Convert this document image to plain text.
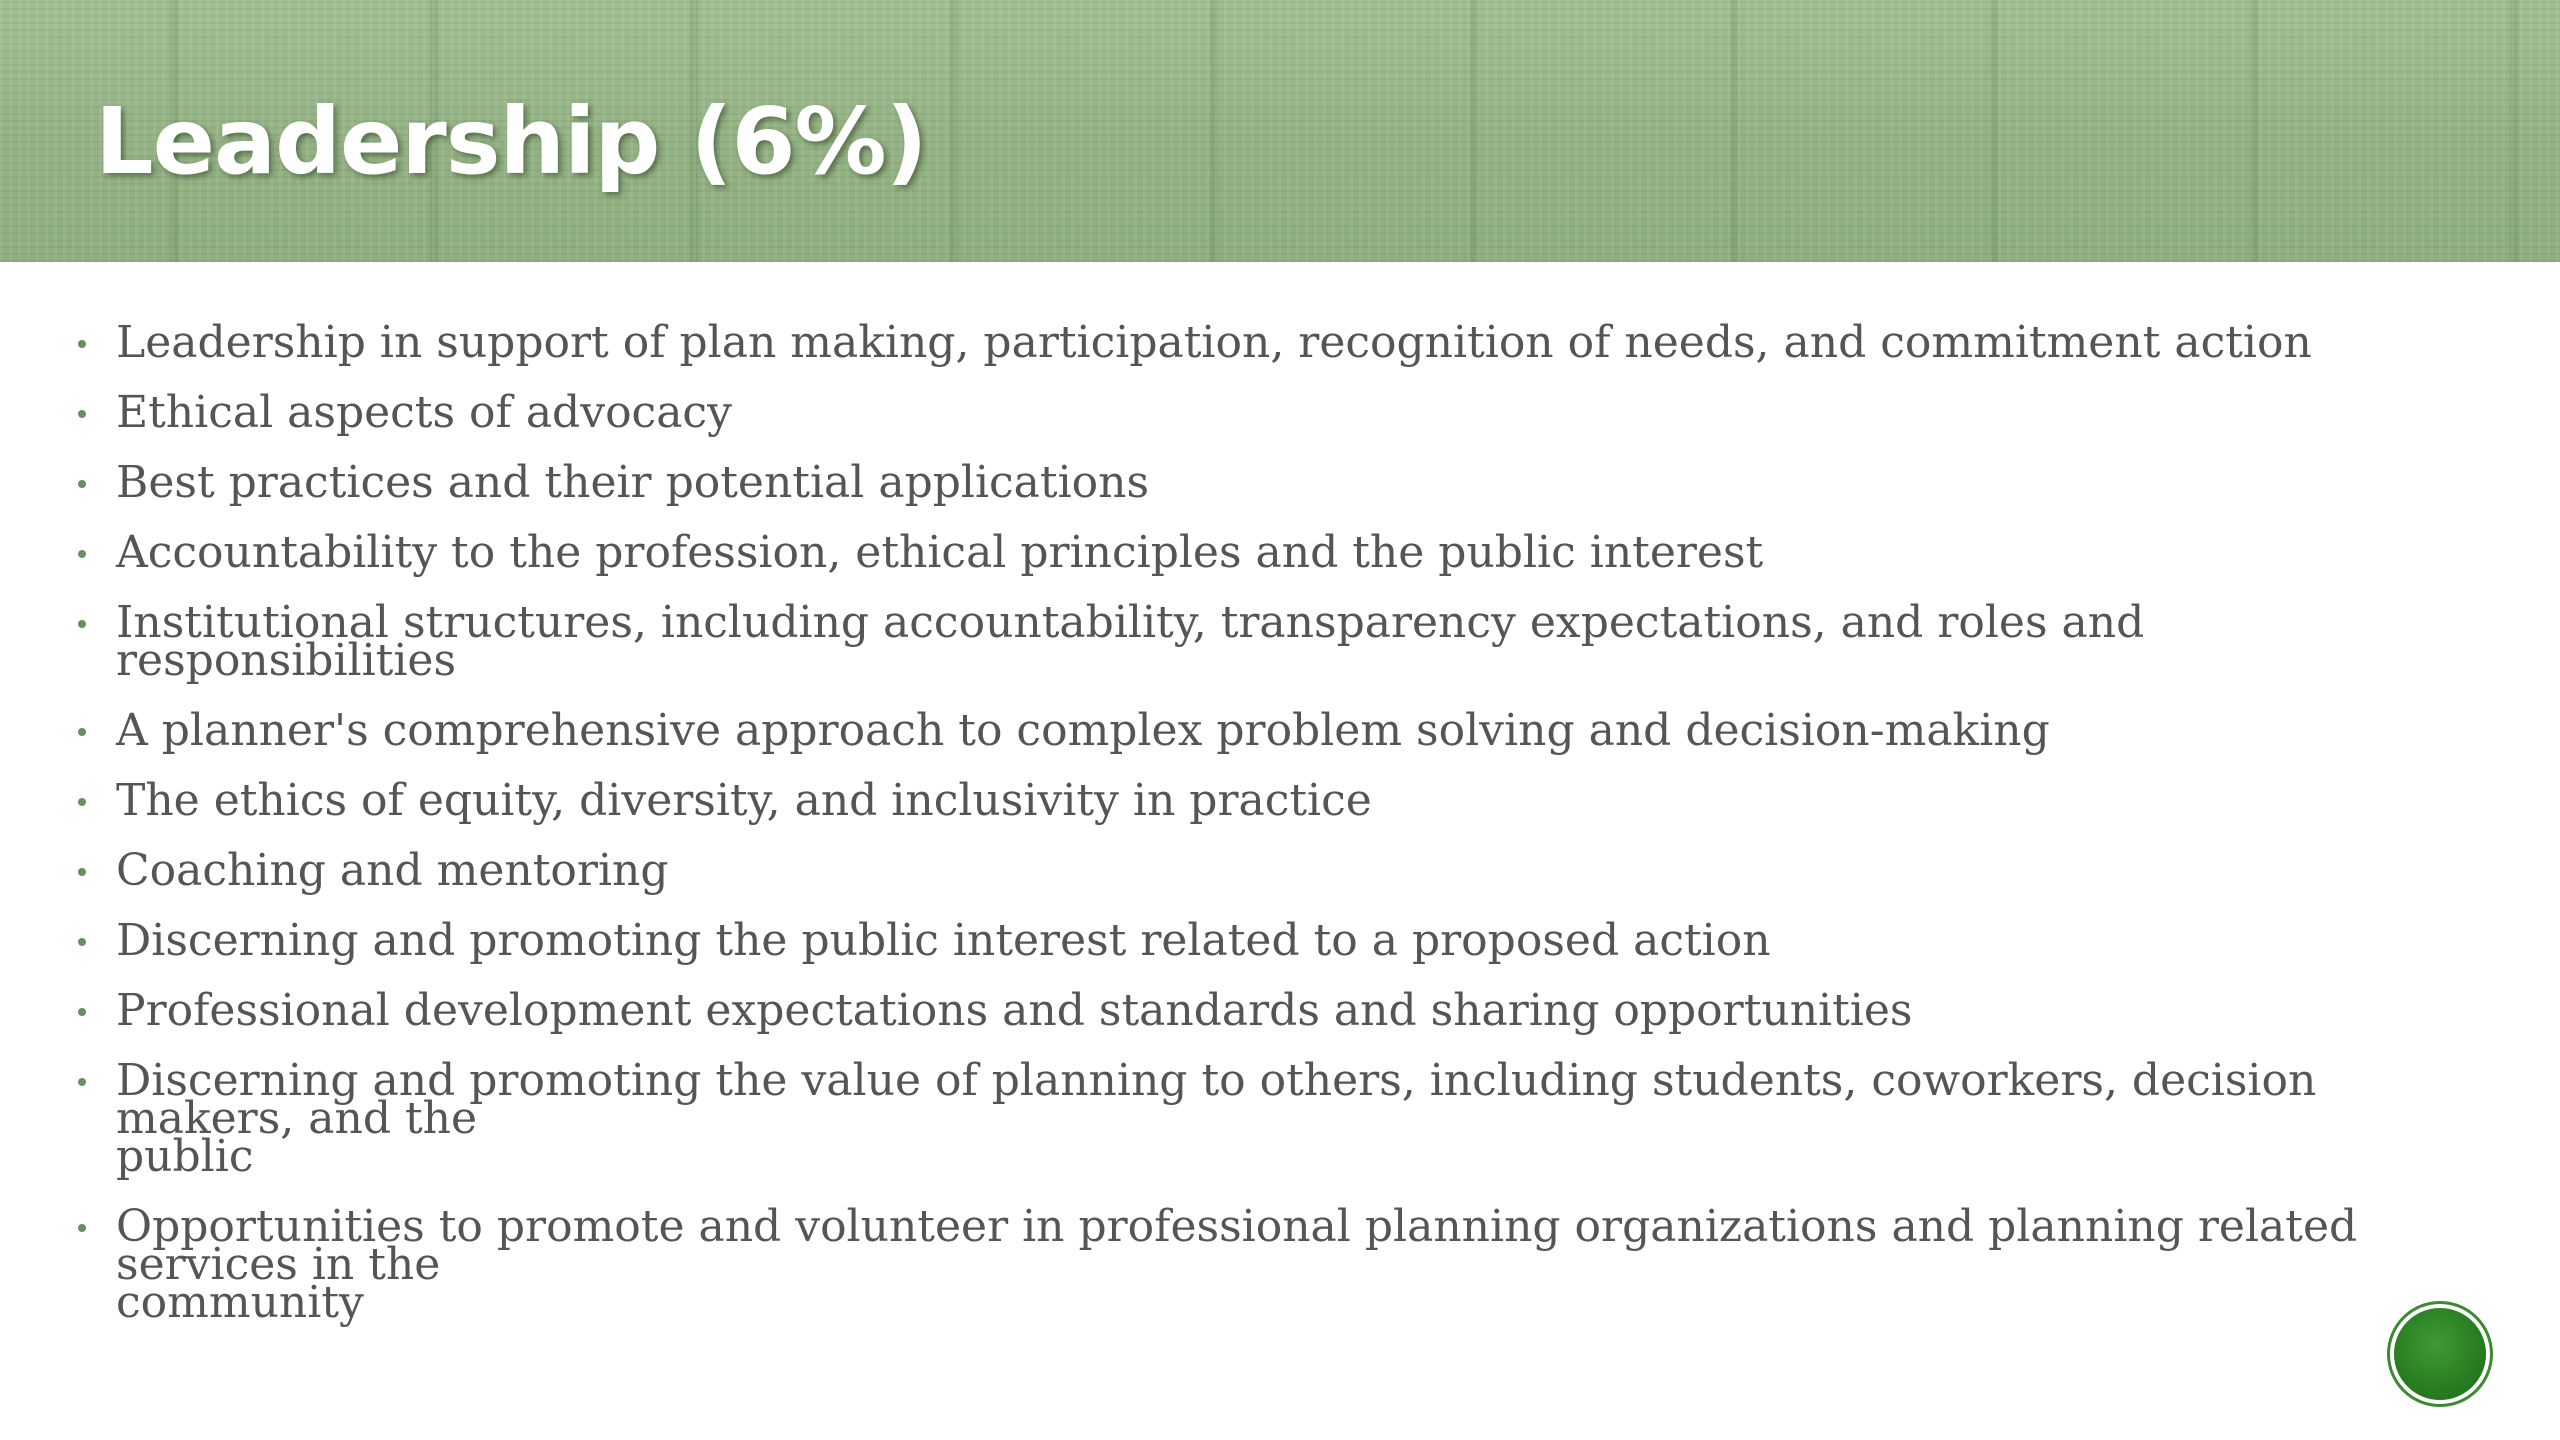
Leadership (6%)
Leadership in support of plan making, participation, recognition of needs, and commitment action
Ethical aspects of advocacy
Best practices and their potential applications
Accountability to the profession, ethical principles and the public interest
Institutional structures, including accountability, transparency expectations, and roles and
responsibilities
A planner's comprehensive approach to complex problem solving and decision-making
The ethics of equity, diversity, and inclusivity in practice
Coaching and mentoring
Discerning and promoting the public interest related to a proposed action
Professional development expectations and standards and sharing opportunities
Discerning and promoting the value of planning to others, including students, coworkers, decision
makers, and the
public
Opportunities to promote and volunteer in professional planning organizations and planning related
services in the
community
